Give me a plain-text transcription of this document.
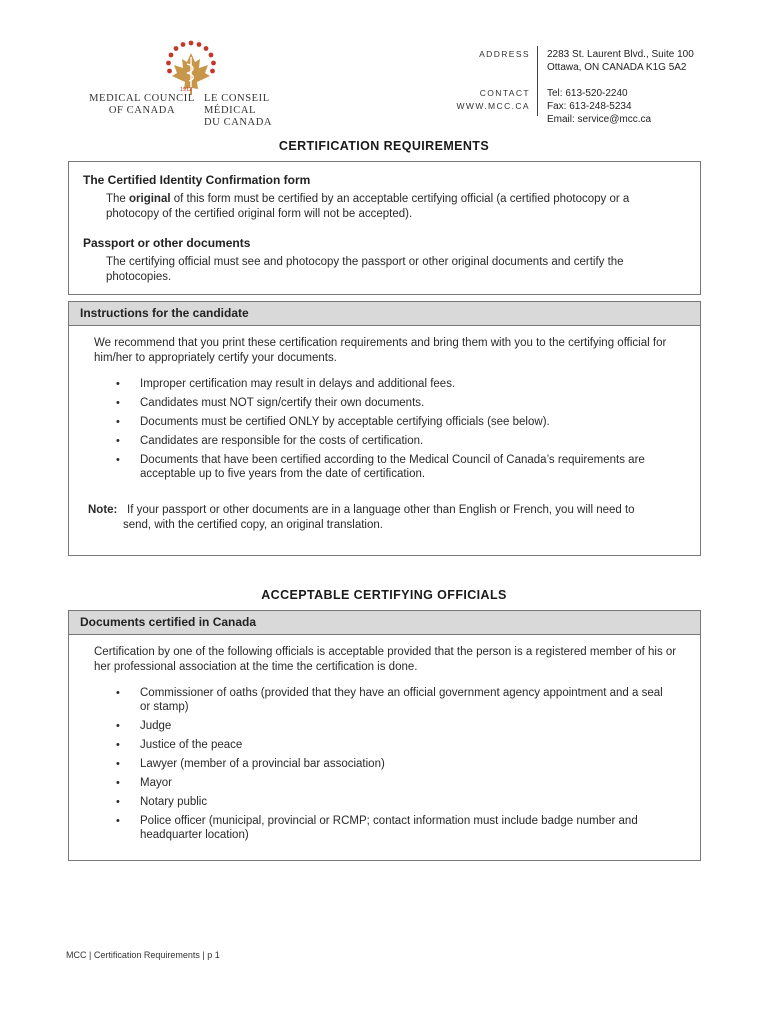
1912
MEDICAL COUNCIL
OF CANADA
LE CONSEIL MÉDICAL
DU CANADA
ADDRESS
CONTACT
WWW.MCC.CA
2283 St. Laurent Blvd., Suite 100
Ottawa, ON CANADA K1G 5A2
Tel: 613-520-2240
Fax: 613-248-5234
Email: service@mcc.ca
CERTIFICATION REQUIREMENTS
The Certified Identity Confirmation form
The original of this form must be certified by an acceptable certifying official (a certified photocopy or a photocopy of the certified original form will not be accepted).
Passport or other documents
The certifying official must see and photocopy the passport or other original documents and certify the photocopies.
Instructions for the candidate
We recommend that you print these certification requirements and bring them with you to the certifying official for him/her to appropriately certify your documents.
• Improper certification may result in delays and additional fees.
• Candidates must NOT sign/certify their own documents.
• Documents must be certified ONLY by acceptable certifying officials (see below).
• Candidates are responsible for the costs of certification.
• Documents that have been certified according to the Medical Council of Canada’s requirements are acceptable up to five years from the date of certification.
Note: If your passport or other documents are in a language other than English or French, you will need to send, with the certified copy, an original translation.
ACCEPTABLE CERTIFYING OFFICIALS
Documents certified in Canada
Certification by one of the following officials is acceptable provided that the person is a registered member of his or her professional association at the time the certification is done.
• Commissioner of oaths (provided that they have an official government agency appointment and a seal or stamp)
• Judge
• Justice of the peace
• Lawyer (member of a provincial bar association)
• Mayor
• Notary public
• Police officer (municipal, provincial or RCMP; contact information must include badge number and headquarter location)
MCC | Certification Requirements | p 1
